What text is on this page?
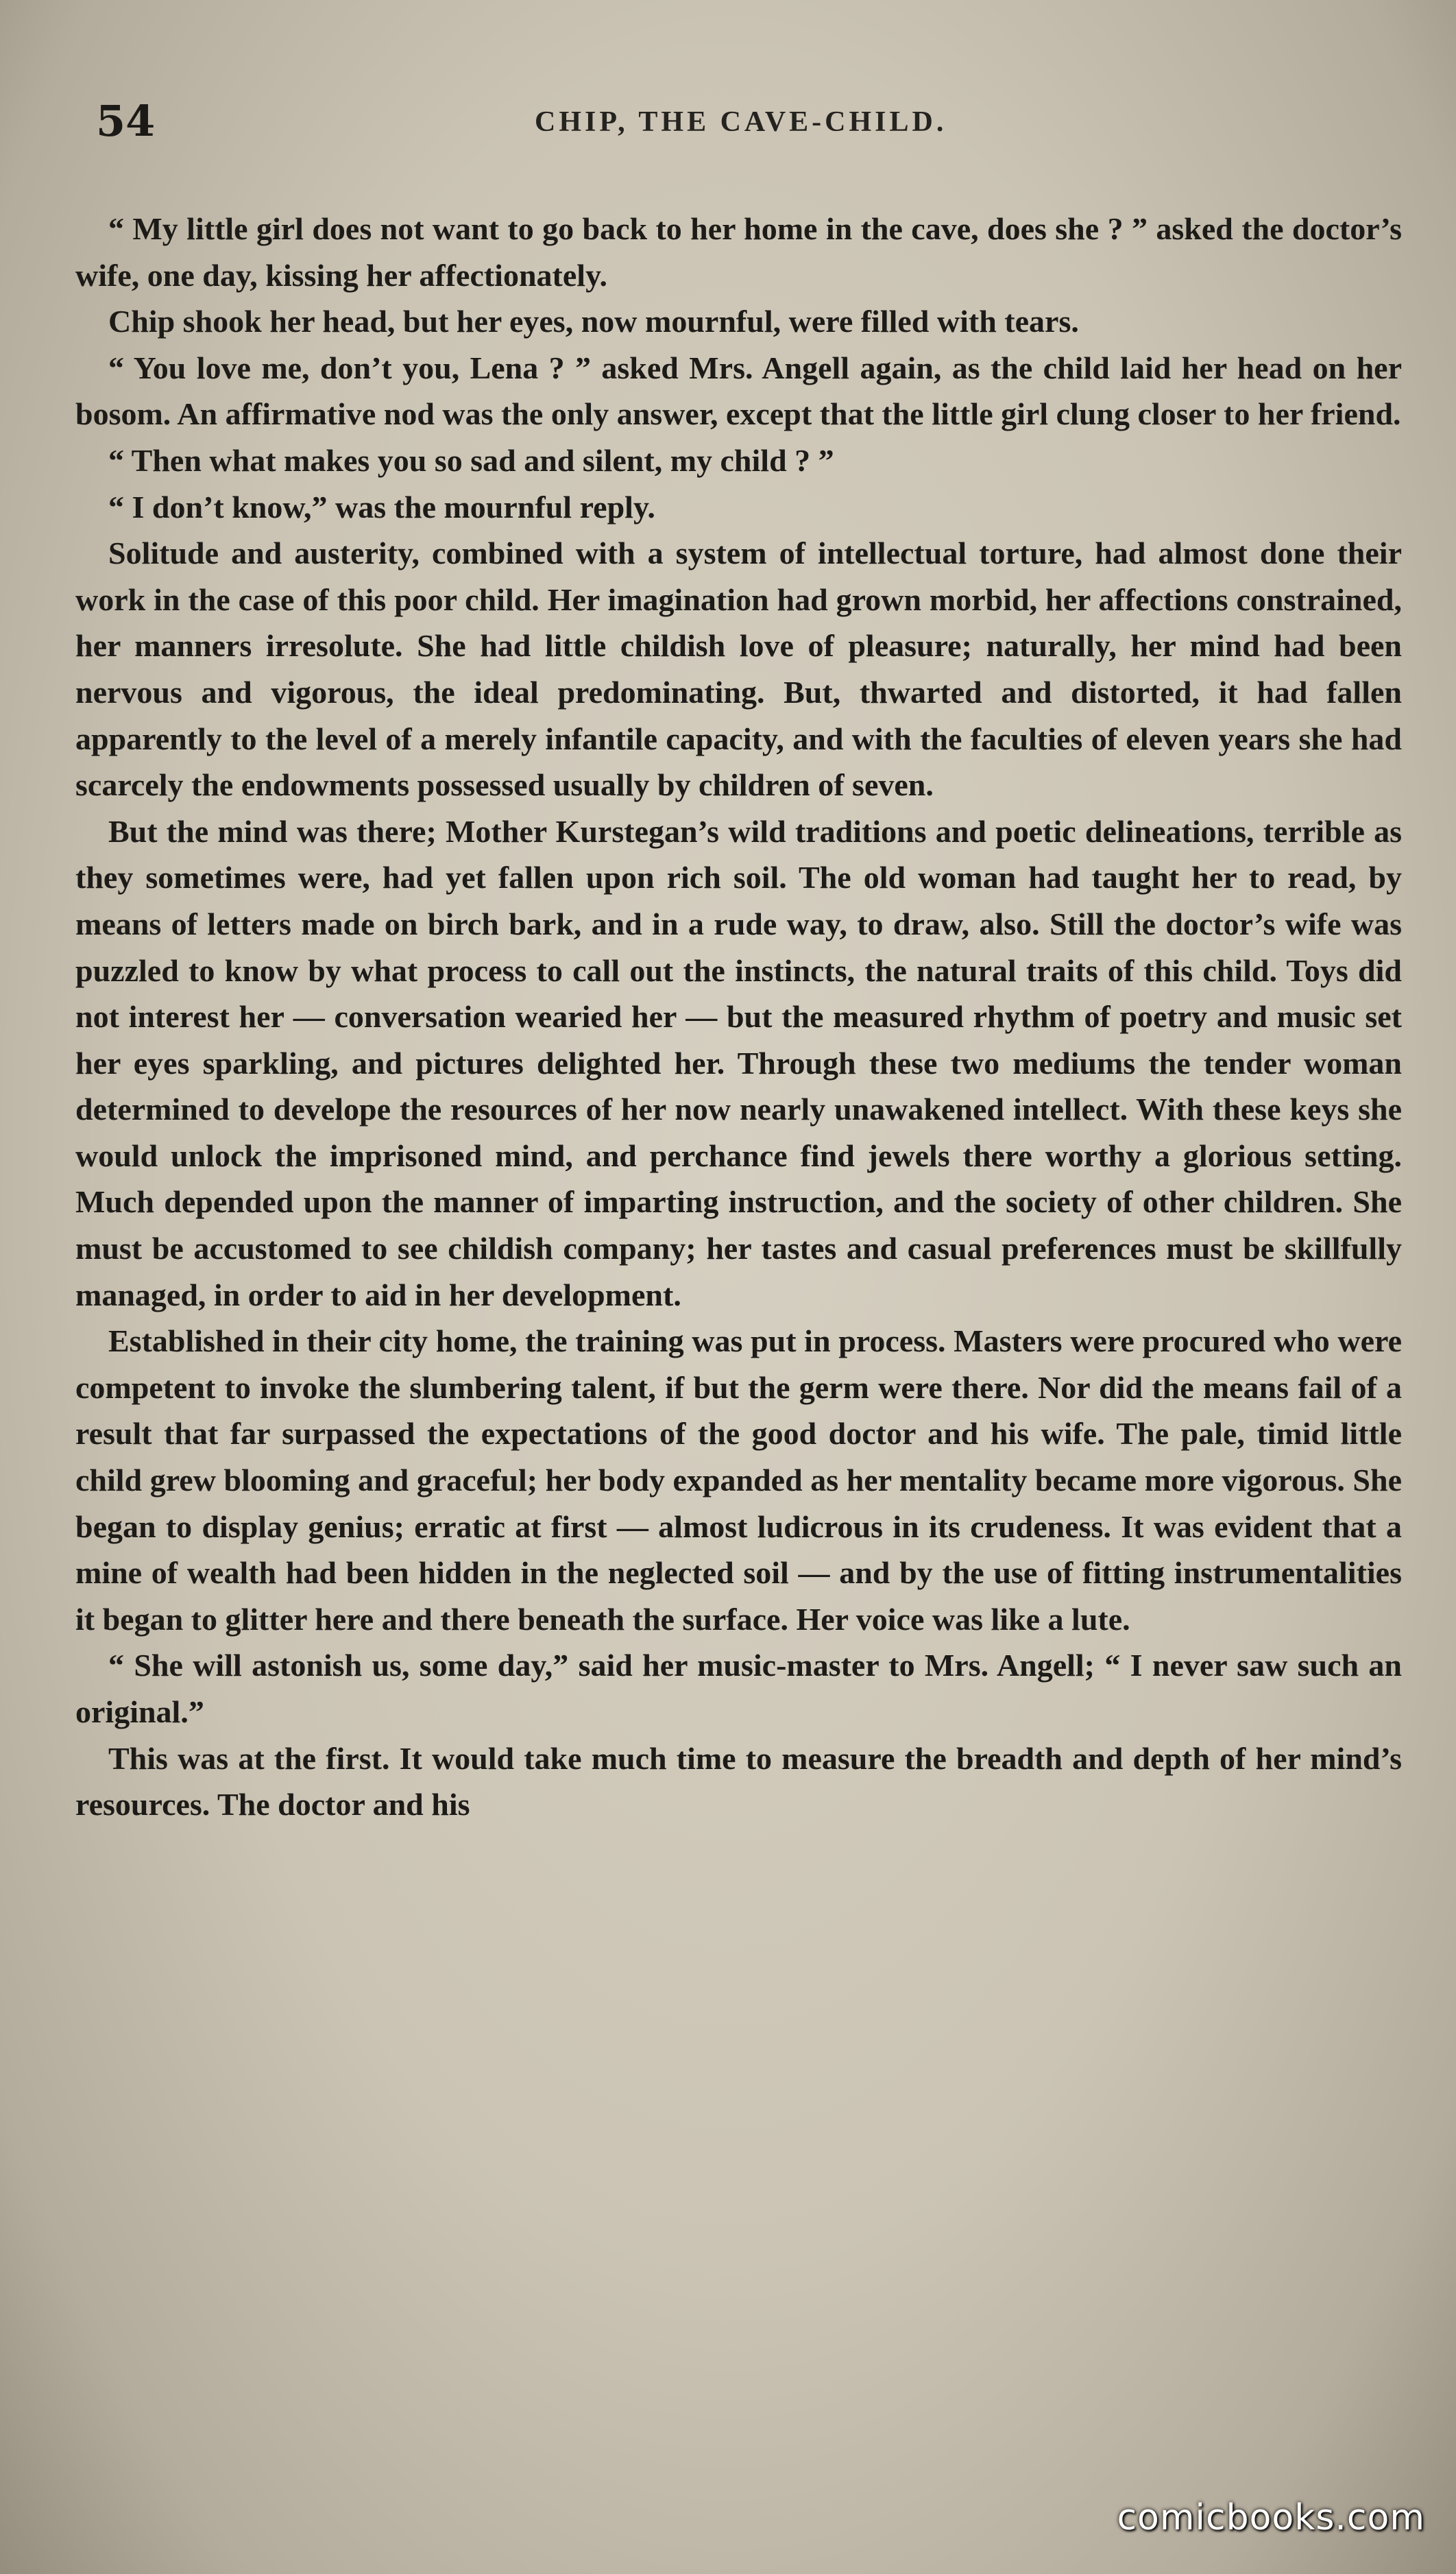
54	CHIP, THE CAVE-CHILD.

“ My little girl does not want to go back to her home in the cave, does she ? ” asked the doctor’s wife, one day, kissing her affectionately.

Chip shook her head, but her eyes, now mournful, were filled with tears.

“ You love me, don’t you, Lena ? ” asked Mrs. Angell again, as the child laid her head on her bosom. An affirmative nod was the only answer, except that the little girl clung closer to her friend.

“ Then what makes you so sad and silent, my child ? ”

“ I don’t know,” was the mournful reply.

Solitude and austerity, combined with a system of intellectual torture, had almost done their work in the case of this poor child. Her imagination had grown morbid, her affections constrained, her manners irresolute. She had little childish love of pleasure; naturally, her mind had been nervous and vigorous, the ideal predominating. But, thwarted and distorted, it had fallen apparently to the level of a merely infantile capacity, and with the faculties of eleven years she had scarcely the endowments possessed usually by children of seven.

But the mind was there; Mother Kurstegan’s wild traditions and poetic delineations, terrible as they sometimes were, had yet fallen upon rich soil. The old woman had taught her to read, by means of letters made on birch bark, and in a rude way, to draw, also. Still the doctor’s wife was puzzled to know by what process to call out the instincts, the natural traits of this child. Toys did not interest her — conversation wearied her — but the measured rhythm of poetry and music set her eyes sparkling, and pictures delighted her. Through these two mediums the tender woman determined to develope the resources of her now nearly unawakened intellect. With these keys she would unlock the imprisoned mind, and perchance find jewels there worthy a glorious setting. Much depended upon the manner of imparting instruction, and the society of other children. She must be accustomed to see childish company; her tastes and casual preferences must be skillfully managed, in order to aid in her development.

Established in their city home, the training was put in process. Masters were procured who were competent to invoke the slumbering talent, if but the germ were there. Nor did the means fail of a result that far surpassed the expectations of the good doctor and his wife. The pale, timid little child grew blooming and graceful; her body expanded as her mentality became more vigorous. She began to display genius; erratic at first — almost ludicrous in its crudeness. It was evident that a mine of wealth had been hidden in the neglected soil — and by the use of fitting instrumentalities it began to glitter here and there beneath the surface. Her voice was like a lute.

“ She will astonish us, some day,” said her music-master to Mrs. Angell; “ I never saw such an original.”

This was at the first. It would take much time to measure the breadth and depth of her mind’s resources. The doctor and his

comicbooks.com
